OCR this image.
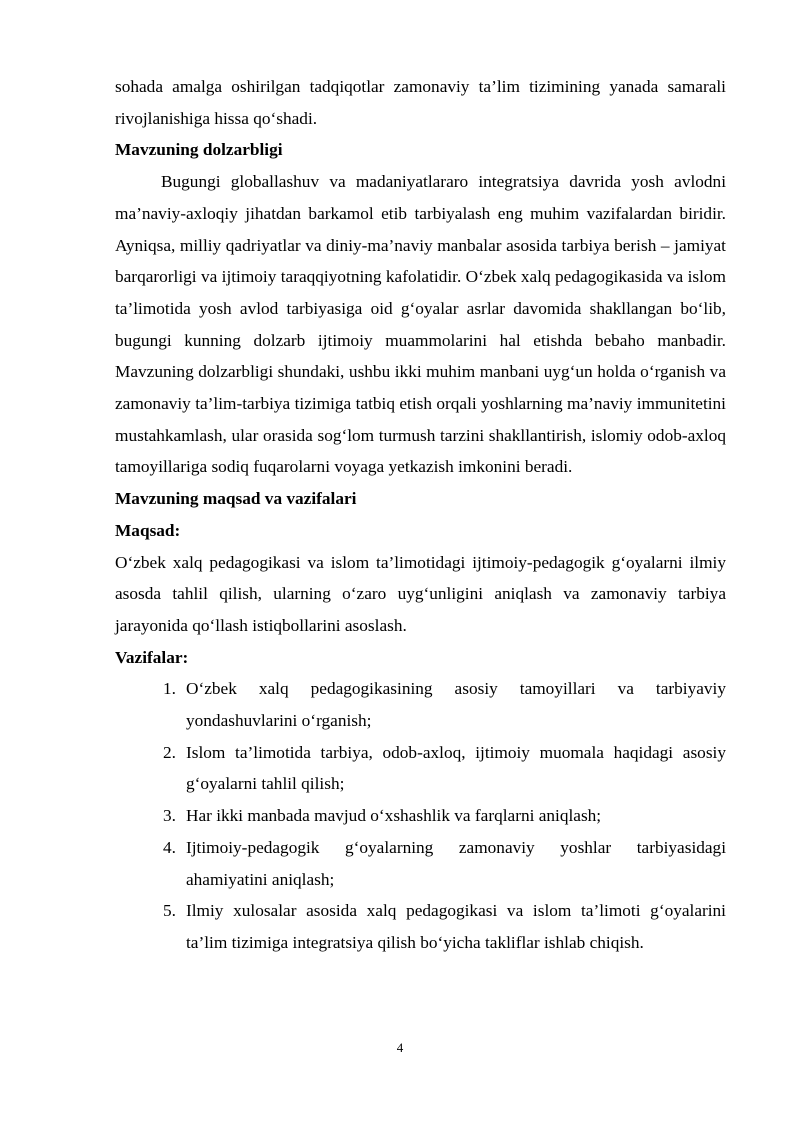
sohada amalga oshirilgan tadqiqotlar zamonaviy ta’lim tizimining yanada samarali rivojlanishiga hissa qo‘shadi.

Mavzuning dolzarbligi

Bugungi globallashuv va madaniyatlararo integratsiya davrida yosh avlodni ma’naviy-axloqiy jihatdan barkamol etib tarbiyalash eng muhim vazifalardan biridir. Ayniqsa, milliy qadriyatlar va diniy-ma’naviy manbalar asosida tarbiya berish – jamiyat barqarorligi va ijtimoiy taraqqiyotning kafolatidir. O‘zbek xalq pedagogikasida va islom ta’limotida yosh avlod tarbiyasiga oid g‘oyalar asrlar davomida shakllangan bo‘lib, bugungi kunning dolzarb ijtimoiy muammolarini hal etishda bebaho manbadir. Mavzuning dolzarbligi shundaki, ushbu ikki muhim manbani uyg‘un holda o‘rganish va zamonaviy ta’lim-tarbiya tizimiga tatbiq etish orqali yoshlarning ma’naviy immunitetini mustahkamlash, ular orasida sog‘lom turmush tarzini shakllantirish, islomiy odob-axloq tamoyillariga sodiq fuqarolarni voyaga yetkazish imkonini beradi.

Mavzuning maqsad va vazifalari

Maqsad:

O‘zbek xalq pedagogikasi va islom ta’limotidagi ijtimoiy-pedagogik g‘oyalarni ilmiy asosda tahlil qilish, ularning o‘zaro uyg‘unligini aniqlash va zamonaviy tarbiya jarayonida qo‘llash istiqbollarini asoslash.

Vazifalar:

1. O‘zbek xalq pedagogikasining asosiy tamoyillari va tarbiyaviy yondashuvlarini o‘rganish;
2. Islom ta’limotida tarbiya, odob-axloq, ijtimoiy muomala haqidagi asosiy g‘oyalarni tahlil qilish;
3. Har ikki manbada mavjud o‘xshashlik va farqlarni aniqlash;
4. Ijtimoiy-pedagogik g‘oyalarning zamonaviy yoshlar tarbiyasidagi ahamiyatini aniqlash;
5. Ilmiy xulosalar asosida xalq pedagogikasi va islom ta’limoti g‘oyalarini ta’lim tizimiga integratsiya qilish bo‘yicha takliflar ishlab chiqish.
4
